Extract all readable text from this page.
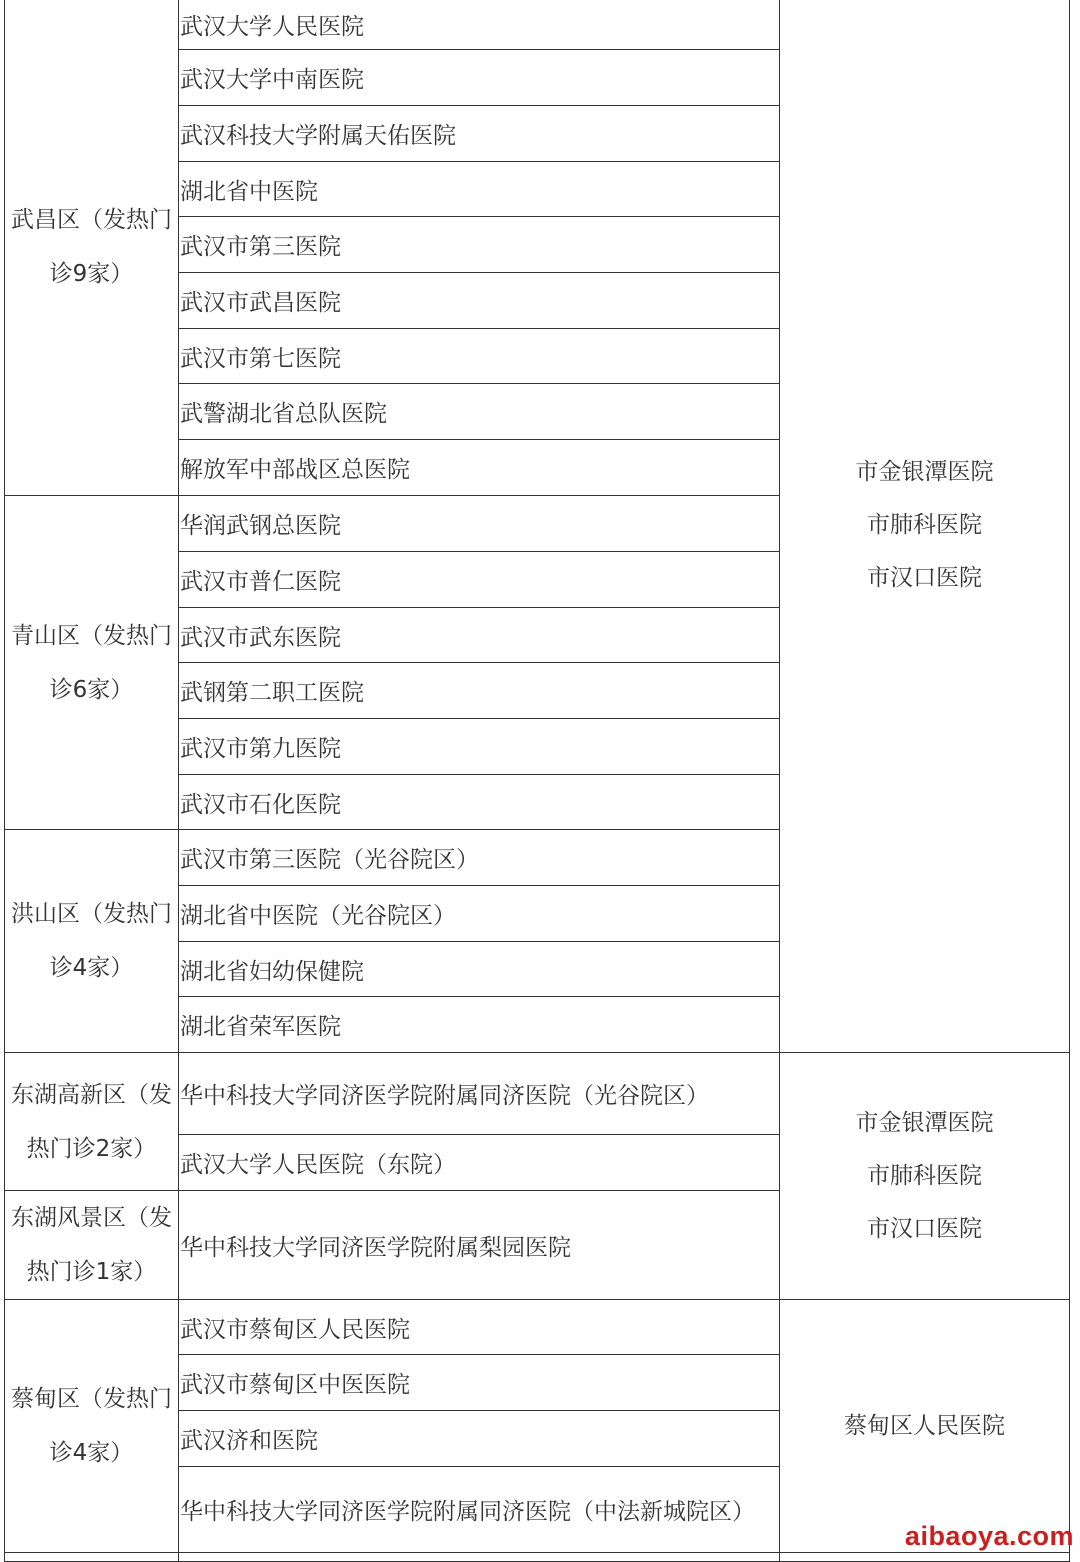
武昌区（发热门诊9家）	武汉大学人民医院	市金银潭医院
市肺科医院
市汉口医院

	武汉大学中南医院	
	武汉科技大学附属天佑医院	
	湖北省中医院	
	武汉市第三医院	
	武汉市武昌医院	
	武汉市第七医院	
	武警湖北省总队医院	
	解放军中部战区总医院	
青山区（发热门诊6家）	华润武钢总医院	
	武汉市普仁医院	
	武汉市武东医院	
	武钢第二职工医院	
	武汉市第九医院	
	武汉市石化医院	
洪山区（发热门诊4家）	武汉市第三医院（光谷院区）	
	湖北省中医院（光谷院区）	
	湖北省妇幼保健院	
	湖北省荣军医院	
东湖高新区（发热门诊2家）	华中科技大学同济医学院附属同济医院（光谷院区）	市金银潭医院
市肺科医院
市汉口医院

	武汉大学人民医院（东院）	
东湖风景区（发热门诊1家）	华中科技大学同济医学院附属梨园医院	
蔡甸区（发热门诊4家）	武汉市蔡甸区人民医院	蔡甸区人民医院

	武汉市蔡甸区中医医院	
	武汉济和医院	
	华中科技大学同济医学院附属同济医院（中法新城院区）	

aibaoya.com
